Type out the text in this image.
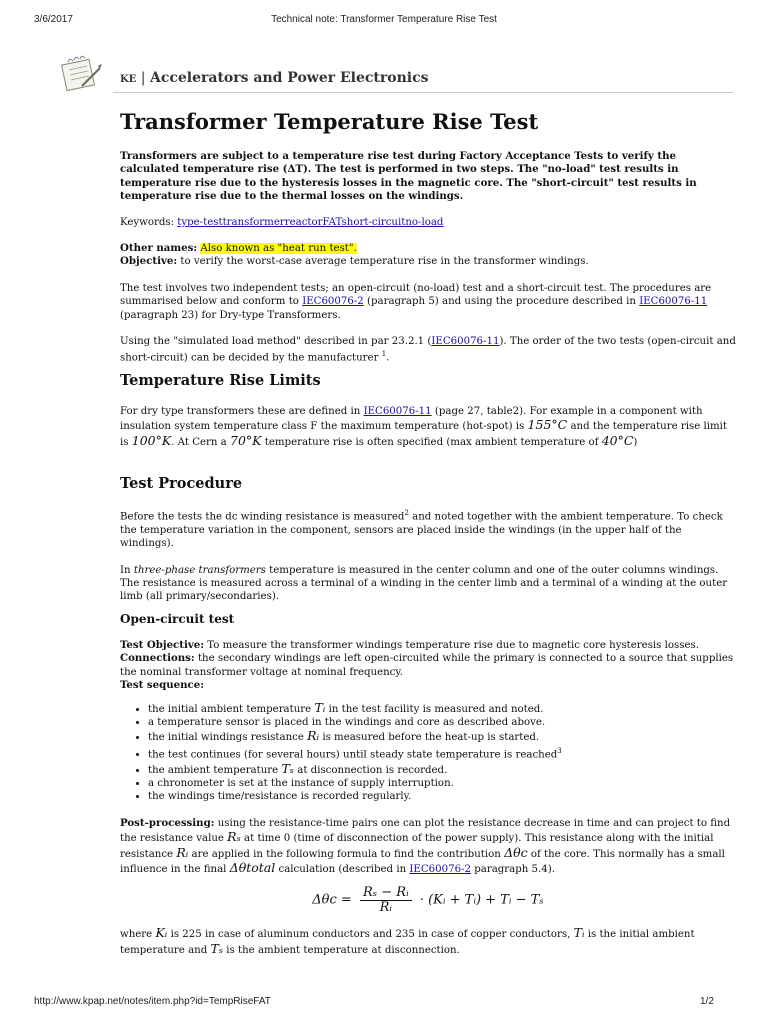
3/6/2017	Technical note: Transformer Temperature Rise Test
KE | Accelerators and Power Electronics
Transformer Temperature Rise Test

Transformers are subject to a temperature rise test during Factory Acceptance Tests to verify the calculated temperature rise (ΔT). The test is performed in two steps. The "no-load" test results in temperature rise due to the hysteresis losses in the magnetic core. The "short-circuit" test results in temperature rise due to the thermal losses on the windings.

Keywords: type-testtransformerreactorFATshort-circuitno-load

Other names: Also known as "heat run test".

Objective: to verify the worst-case average temperature rise in the transformer windings.

The test involves two independent tests; an open-circuit (no-load) test and a short-circuit test. The procedures are summarised below and conform to IEC60076-2 (paragraph 5) and using the procedure described in IEC60076-11 (paragraph 23) for Dry-type Transformers.

Using the "simulated load method" described in par 23.2.1 (IEC60076-11). The order of the two tests (open-circuit and short-circuit) can be decided by the manufacturer $^1$.

Temperature Rise Limits

For dry type transformers these are defined in IEC60076-11 (page 27, table2). For example in a component with insulation system temperature class F the maximum temperature (hot-spot) is 155°C and the temperature rise limit is 100°K. At Cern a 70°K temperature rise is often specified (max ambient temperature of 40°C)

Test Procedure

Before the tests the dc winding resistance is measured$^2$ and noted together with the ambient temperature. To check the temperature variation in the component, sensors are placed inside the windings (in the upper half of the windings).

In three-phase transformers temperature is measured in the center column and one of the outer columns windings. The resistance is measured across a terminal of a winding in the center limb and a terminal of a winding at the outer limb (all primary/secondaries).

Open-circuit test

Test Objective: To measure the transformer windings temperature rise due to magnetic core hysteresis losses.

Connections: the secondary windings are left open-circuited while the primary is connected to a source that supplies the nominal transformer voltage at nominal frequency.

Test sequence:

• the initial ambient temperature Tᵢ in the test facility is measured and noted.
• a temperature sensor is placed in the windings and core as described above.
• the initial windings resistance Rᵢ is measured before the heat-up is started.
• the test continues (for several hours) until steady state temperature is reached$^3$
• the ambient temperature Tₛ at disconnection is recorded.
• a chronometer is set at the instance of supply interruption.
• the windings time/resistance is recorded regularly.

Post-processing: using the resistance-time pairs one can plot the resistance decrease in time and can project to find the resistance value Rₛ at time 0 (time of disconnection of the power supply). This resistance along with the initial resistance Rᵢ are applied in the following formula to find the contribution Δθc of the core. This normally has a small influence in the final Δθtotal calculation (described in IEC60076-2 paragraph 5.4).

$\Delta\theta c = \frac{\text{Rₛ − Rᵢ}}{\text{Rᵢ}}$ · (Kᵢ + Tᵢ) + Tᵢ − Tₛ

where Kᵢ is 225 in case of aluminum conductors and 235 in case of copper conductors, Tᵢ is the initial ambient temperature and Tₛ is the ambient temperature at disconnection.

http://www.kpap.net/notes/item.php?id=TempRiseFAT	1/2
